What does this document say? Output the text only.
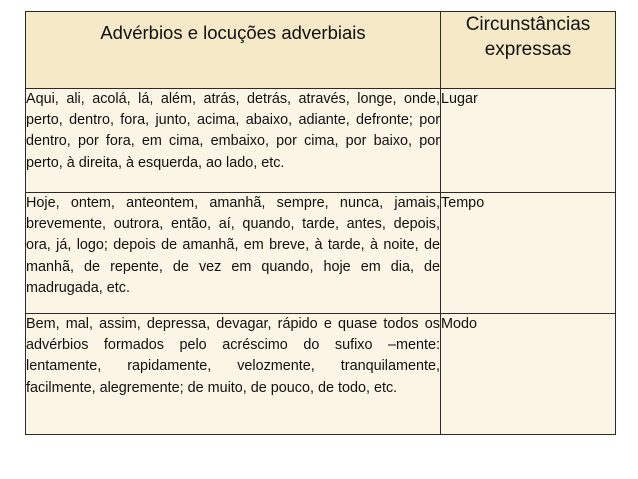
Advérbios e locuções adverbiais	Circunstâncias
expressas

Aqui, ali, acolá, lá, além, atrás, detrás, através, longe, onde, perto, dentro, fora, junto, acima, abaixo, adiante, defronte; por dentro, por fora, em cima, embaixo, por cima, por baixo, por perto, à direita, à esquerda, ao lado, etc.	Lugar
Hoje, ontem, anteontem, amanhã, sempre, nunca, jamais, brevemente, outrora, então, aí, quando, tarde, antes, depois, ora, já, logo; depois de amanhã, em breve, à tarde, à noite, de manhã, de repente, de vez em quando, hoje em dia, de madrugada, etc.	Tempo
Bem, mal, assim, depressa, devagar, rápido e quase todos os advérbios formados pelo acréscimo do sufixo –mente: lentamente, rapidamente, velozmente, tranquilamente, facilmente, alegremente; de muito, de pouco, de todo, etc.	Modo
